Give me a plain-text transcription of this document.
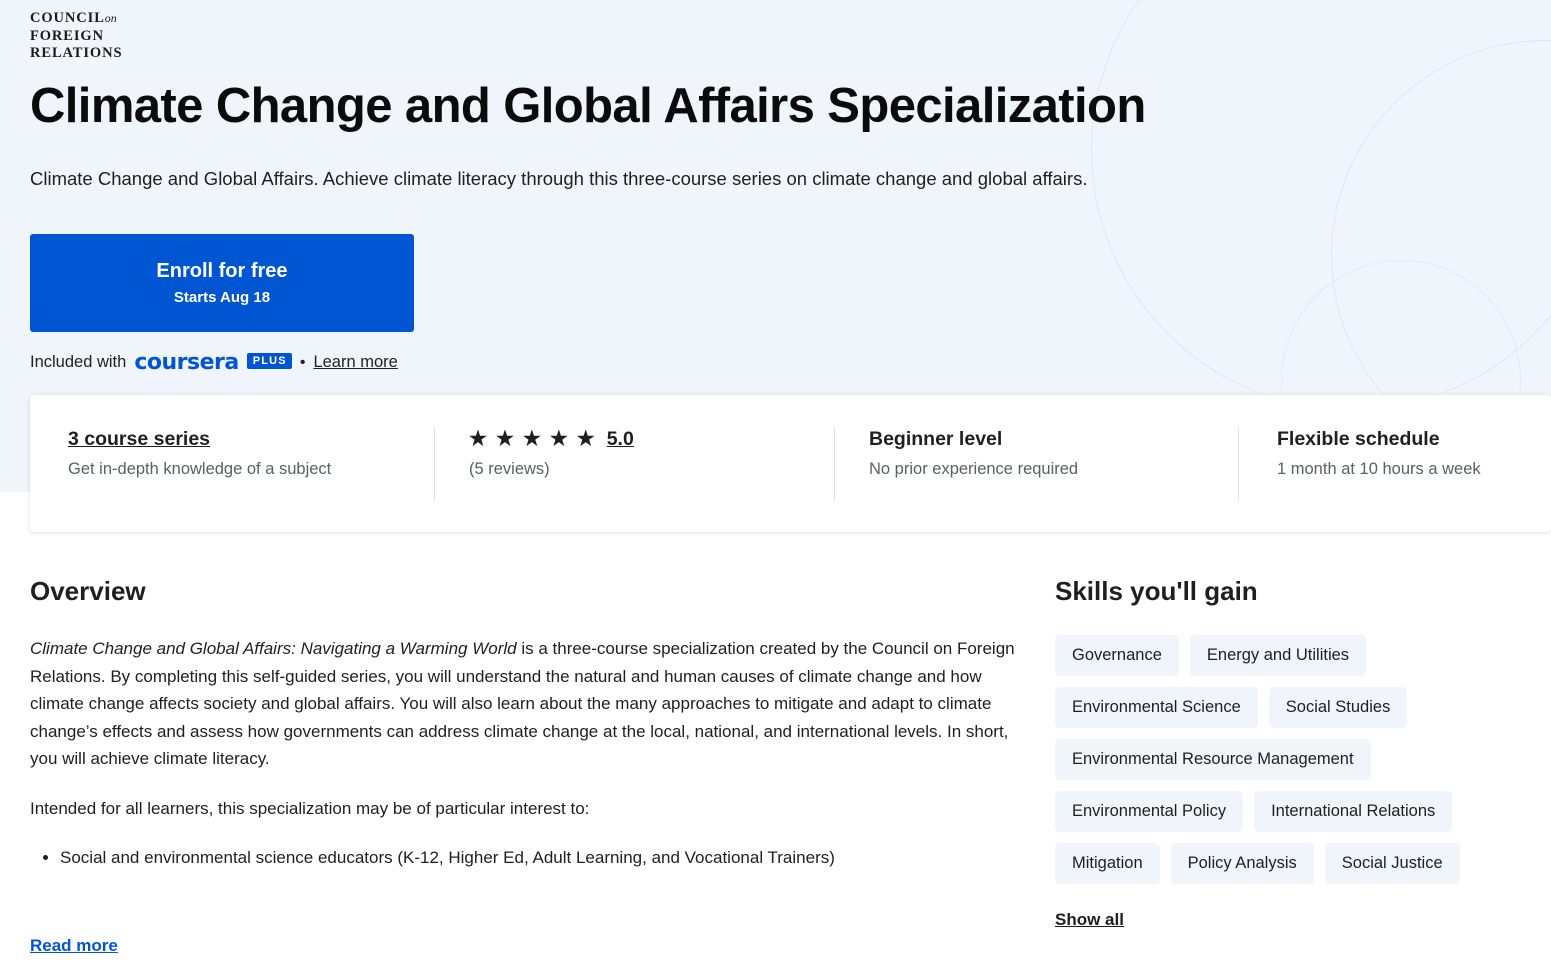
COUNCILon
FOREIGN
RELATIONS
Climate Change and Global Affairs Specialization

Climate Change and Global Affairs. Achieve climate literacy through this three-course series on climate change and global affairs.

Enroll for free
Starts Aug 18
Included with coursera	PLUS • Learn more
3 course series
Get in-depth knowledge of a subject
★ ★ ★ ★ ★ 5.0
(5 reviews)
Beginner level
No prior experience required
Flexible schedule
1 month at 10 hours a week
Overview

Climate Change and Global Affairs: Navigating a Warming World is a three-course specialization created by the Council on Foreign Relations. By completing this self-guided series, you will understand the natural and human causes of climate change and how climate change affects society and global affairs. You will also learn about the many approaches to mitigate and adapt to climate change’s effects and assess how governments can address climate change at the local, national, and international levels. In short, you will achieve climate literacy.

Intended for all learners, this specialization may be of particular interest to:

• Social and environmental science educators (K-12, Higher Ed, Adult Learning, and Vocational Trainers)
Read more
Skills you'll gain
Governance	Energy and Utilities
Environmental Science	Social Studies
Environmental Resource Management
Environmental Policy	International Relations
Mitigation	Policy Analysis	Social Justice
Show all
